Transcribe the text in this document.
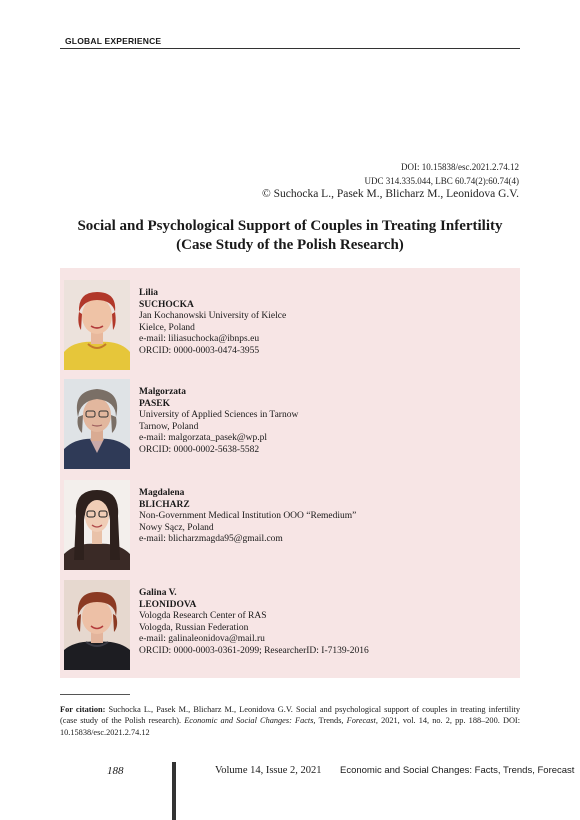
GLOBAL EXPERIENCE
DOI: 10.15838/esc.2021.2.74.12
UDC 314.335.044, LBC 60.74(2):60.74(4)
© Suchocka L., Pasek M., Blicharz M., Leonidova G.V.
Social and Psychological Support of Couples in Treating Infertility
(Case Study of the Polish Research)
Lilia
SUCHOCKA
Jan Kochanowski University of Kielce
Kielce, Poland
e-mail: liliasuchocka@ibnps.eu
ORCID: 0000-0003-0474-3955
Malgorzata
PASEK
University of Applied Sciences in Tarnow
Tarnow, Poland
e-mail: malgorzata_pasek@wp.pl
ORCID: 0000-0002-5638-5582
Magdalena
BLICHARZ
Non-Government Medical Institution OOO “Remedium”
Nowy Sącz, Poland
e-mail: blicharzmagda95@gmail.com
Galina V.
LEONIDOVA
Vologda Research Center of RAS
Vologda, Russian Federation
e-mail: galinaleonidova@mail.ru
ORCID: 0000-0003-0361-2099; ResearcherID: I-7139-2016
For citation: Suchocka L., Pasek M., Blicharz M., Leonidova G.V. Social and psychological support of couples in treating infertility (case study of the Polish research). Economic and Social Changes: Facts, Trends, Forecast, 2021, vol. 14, no. 2, pp. 188–200. DOI: 10.15838/esc.2021.2.74.12
188	Volume 14, Issue 2, 2021 Economic and Social Changes: Facts, Trends, Forecast
